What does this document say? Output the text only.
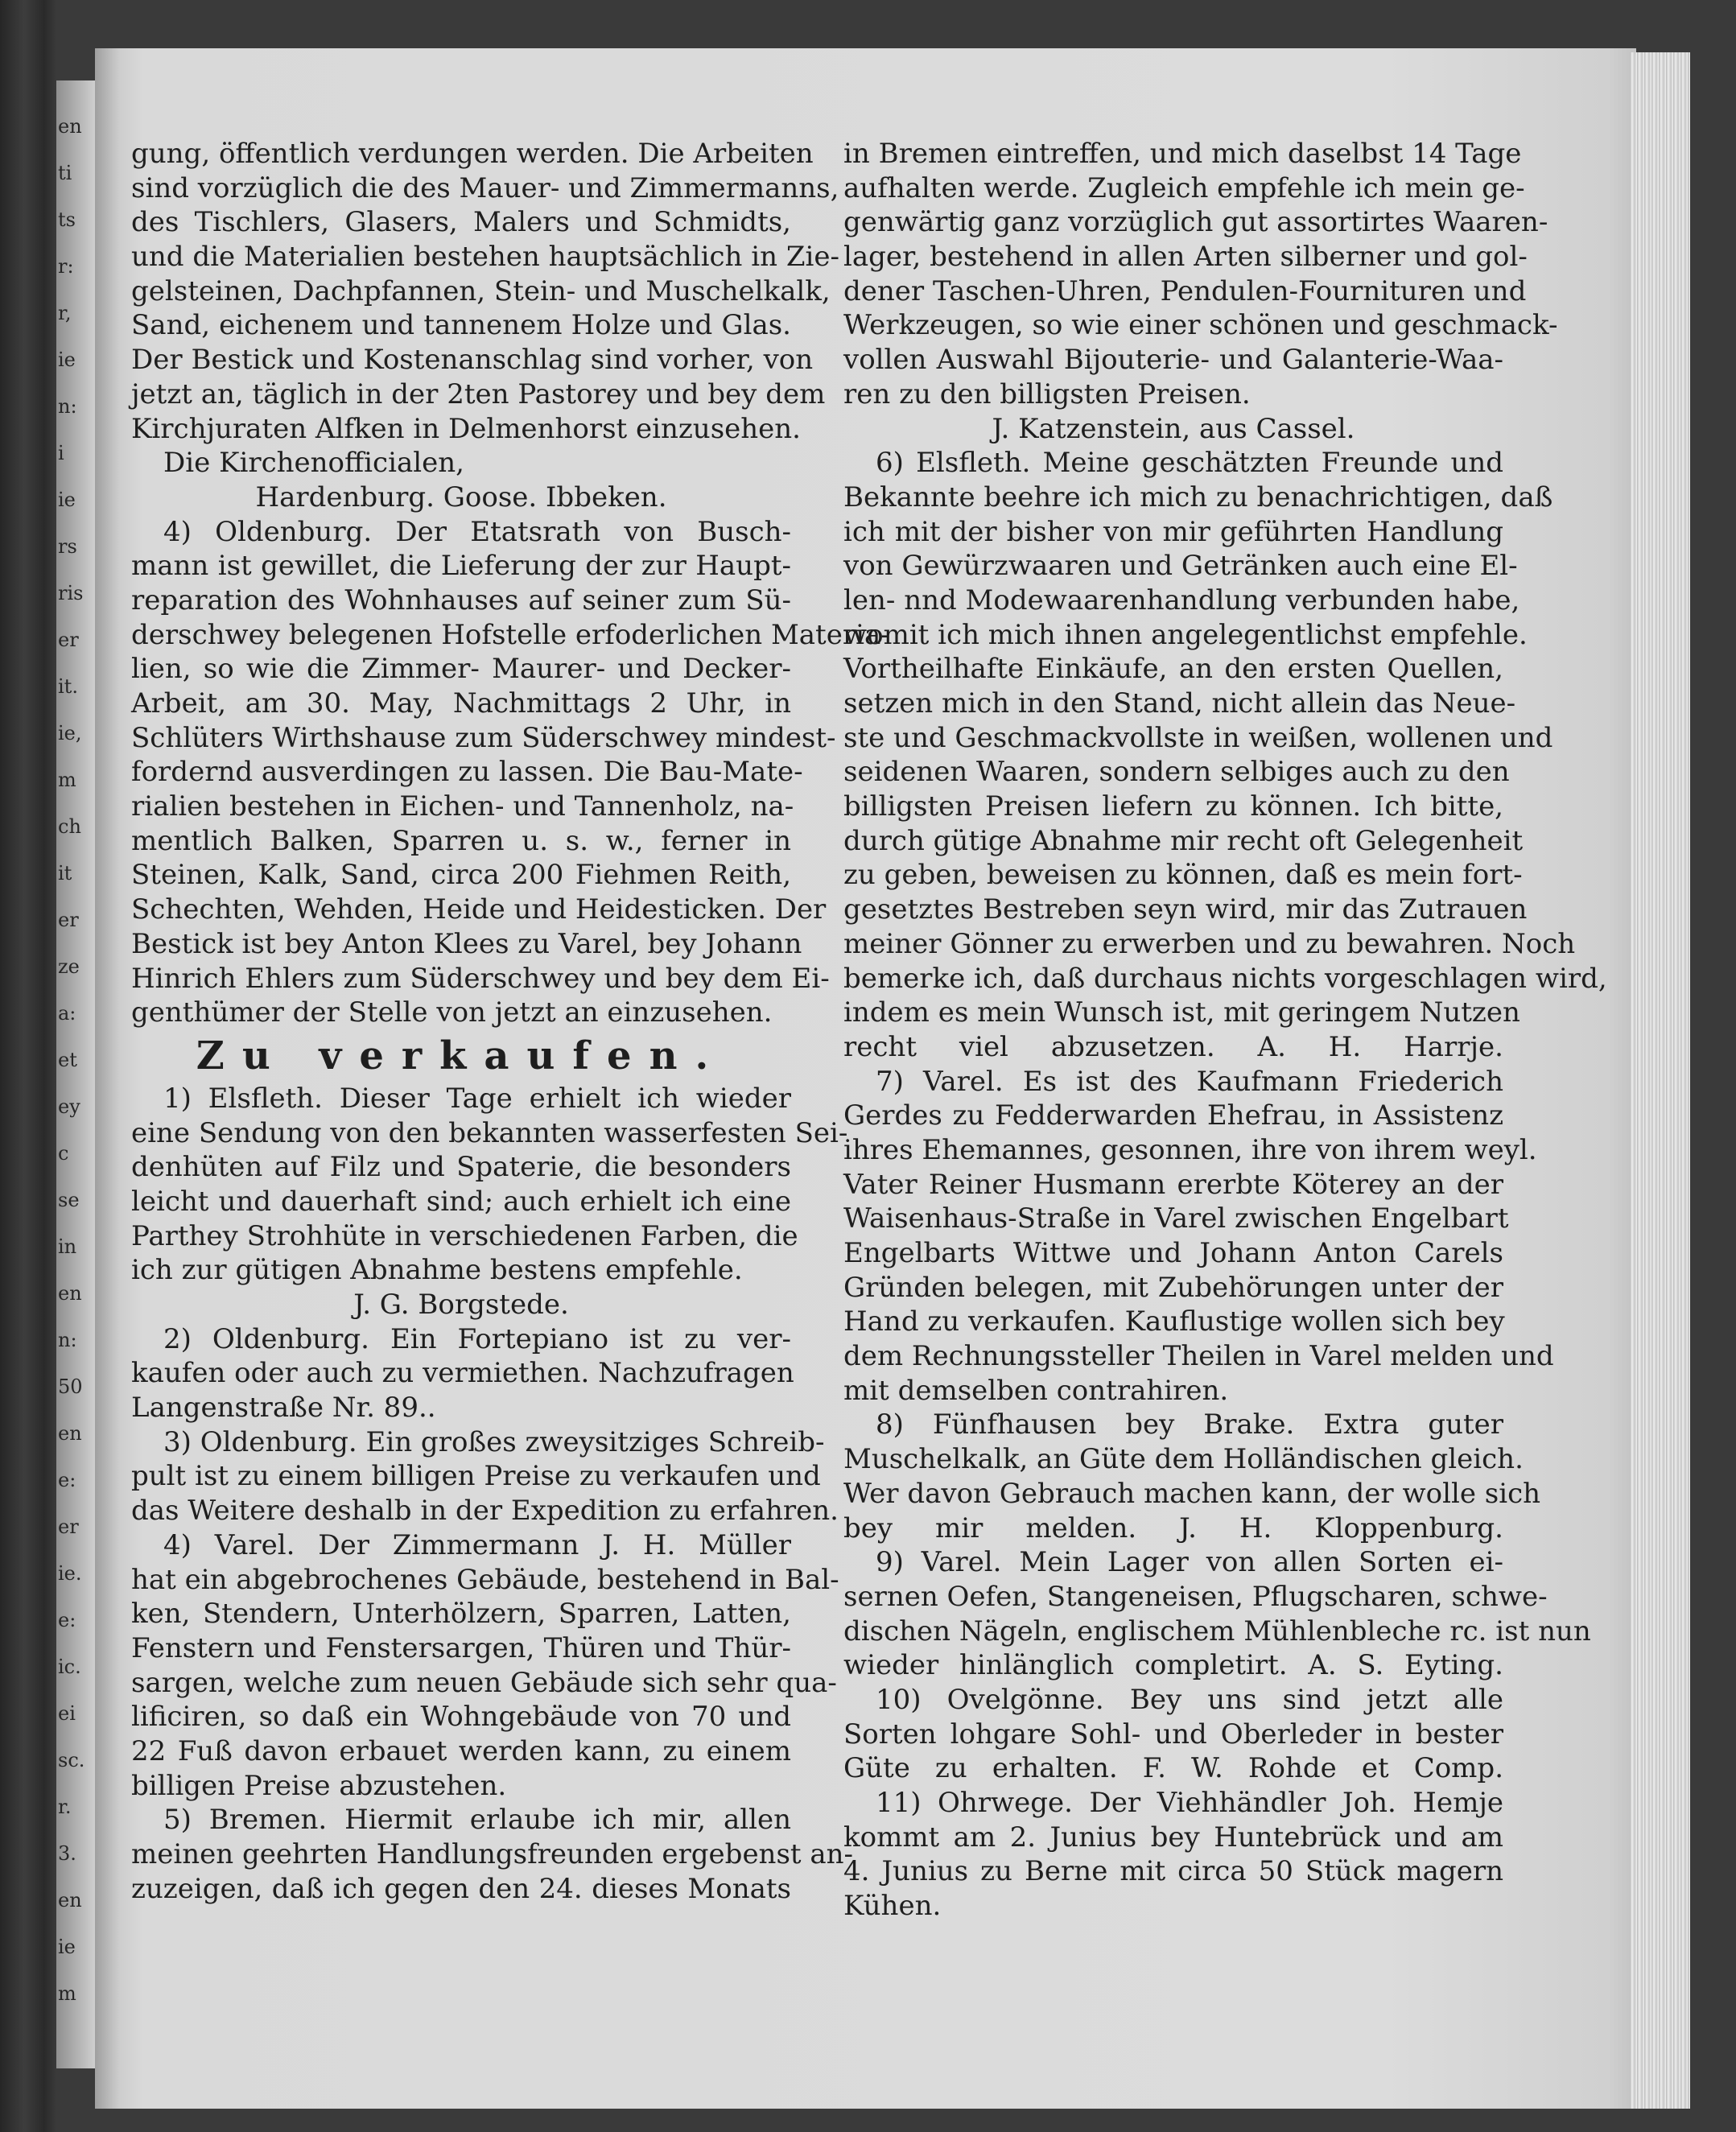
en
ti
ts
r:
r,
ie
n:
i
ie
rs
ris
er
it.
ie,
m
ch
it
er
ze
a:
et
ey
c
se
in
en
n:
50
en
e:
er
ie.
e:
ic.
ei
sc.
r.
3.
en
ie
m
gung, öffentlich verdungen werden. Die Arbeiten
sind vorzüglich die des Mauer- und Zimmermanns,
des Tischlers, Glasers, Malers und Schmidts,
und die Materialien bestehen hauptsächlich in Zie-
gelsteinen, Dachpfannen, Stein- und Muschelkalk,
Sand, eichenem und tannenem Holze und Glas.
Der Bestick und Kostenanschlag sind vorher, von
jetzt an, täglich in der 2ten Pastorey und bey dem
Kirchjuraten Alfken in Delmenhorst einzusehen.
Die Kirchenofficialen,
Hardenburg. Goose. Ibbeken.
4) Oldenburg. Der Etatsrath von Busch-
mann ist gewillet, die Lieferung der zur Haupt-
reparation des Wohnhauses auf seiner zum Sü-
derschwey belegenen Hofstelle erfoderlichen Materia-
lien, so wie die Zimmer- Maurer- und Decker-
Arbeit, am 30. May, Nachmittags 2 Uhr, in
Schlüters Wirthshause zum Süderschwey mindest-
fordernd ausverdingen zu lassen. Die Bau-Mate-
rialien bestehen in Eichen- und Tannenholz, na-
mentlich Balken, Sparren u. s. w., ferner in
Steinen, Kalk, Sand, circa 200 Fiehmen Reith,
Schechten, Wehden, Heide und Heidesticken. Der
Bestick ist bey Anton Klees zu Varel, bey Johann
Hinrich Ehlers zum Süderschwey und bey dem Ei-
genthümer der Stelle von jetzt an einzusehen.
Zu verkaufen.
1) Elsfleth. Dieser Tage erhielt ich wieder
eine Sendung von den bekannten wasserfesten Sei-
denhüten auf Filz und Spaterie, die besonders
leicht und dauerhaft sind; auch erhielt ich eine
Parthey Strohhüte in verschiedenen Farben, die
ich zur gütigen Abnahme bestens empfehle.
J. G. Borgstede.
2) Oldenburg. Ein Fortepiano ist zu ver-
kaufen oder auch zu vermiethen. Nachzufragen
Langenstraße Nr. 89..
3) Oldenburg. Ein großes zweysitziges Schreib-
pult ist zu einem billigen Preise zu verkaufen und
das Weitere deshalb in der Expedition zu erfahren.
4) Varel. Der Zimmermann J. H. Müller
hat ein abgebrochenes Gebäude, bestehend in Bal-
ken, Stendern, Unterhölzern, Sparren, Latten,
Fenstern und Fenstersargen, Thüren und Thür-
sargen, welche zum neuen Gebäude sich sehr qua-
lificiren, so daß ein Wohngebäude von 70 und
22 Fuß davon erbauet werden kann, zu einem
billigen Preise abzustehen.
5) Bremen. Hiermit erlaube ich mir, allen
meinen geehrten Handlungsfreunden ergebenst an-
zuzeigen, daß ich gegen den 24. dieses Monats
in Bremen eintreffen, und mich daselbst 14 Tage
aufhalten werde. Zugleich empfehle ich mein ge-
genwärtig ganz vorzüglich gut assortirtes Waaren-
lager, bestehend in allen Arten silberner und gol-
dener Taschen-Uhren, Pendulen-Fournituren und
Werkzeugen, so wie einer schönen und geschmack-
vollen Auswahl Bijouterie- und Galanterie-Waa-
ren zu den billigsten Preisen.
J. Katzenstein, aus Cassel.
6) Elsfleth. Meine geschätzten Freunde und
Bekannte beehre ich mich zu benachrichtigen, daß
ich mit der bisher von mir geführten Handlung
von Gewürzwaaren und Getränken auch eine El-
len- nnd Modewaarenhandlung verbunden habe,
womit ich mich ihnen angelegentlichst empfehle.
Vortheilhafte Einkäufe, an den ersten Quellen,
setzen mich in den Stand, nicht allein das Neue-
ste und Geschmackvollste in weißen, wollenen und
seidenen Waaren, sondern selbiges auch zu den
billigsten Preisen liefern zu können. Ich bitte,
durch gütige Abnahme mir recht oft Gelegenheit
zu geben, beweisen zu können, daß es mein fort-
gesetztes Bestreben seyn wird, mir das Zutrauen
meiner Gönner zu erwerben und zu bewahren. Noch
bemerke ich, daß durchaus nichts vorgeschlagen wird,
indem es mein Wunsch ist, mit geringem Nutzen
recht viel abzusetzen. A. H. Harrje.
7) Varel. Es ist des Kaufmann Friederich
Gerdes zu Fedderwarden Ehefrau, in Assistenz
ihres Ehemannes, gesonnen, ihre von ihrem weyl.
Vater Reiner Husmann ererbte Köterey an der
Waisenhaus-Straße in Varel zwischen Engelbart
Engelbarts Wittwe und Johann Anton Carels
Gründen belegen, mit Zubehörungen unter der
Hand zu verkaufen. Kauflustige wollen sich bey
dem Rechnungssteller Theilen in Varel melden und
mit demselben contrahiren.
8) Fünfhausen bey Brake. Extra guter
Muschelkalk, an Güte dem Holländischen gleich.
Wer davon Gebrauch machen kann, der wolle sich
bey mir melden. J. H. Kloppenburg.
9) Varel. Mein Lager von allen Sorten ei-
sernen Oefen, Stangeneisen, Pflugscharen, schwe-
dischen Nägeln, englischem Mühlenbleche rc. ist nun
wieder hinlänglich completirt. A. S. Eyting.
10) Ovelgönne. Bey uns sind jetzt alle
Sorten lohgare Sohl- und Oberleder in bester
Güte zu erhalten. F. W. Rohde et Comp.
11) Ohrwege. Der Viehhändler Joh. Hemje
kommt am 2. Junius bey Huntebrück und am
4. Junius zu Berne mit circa 50 Stück magern
Kühen.
